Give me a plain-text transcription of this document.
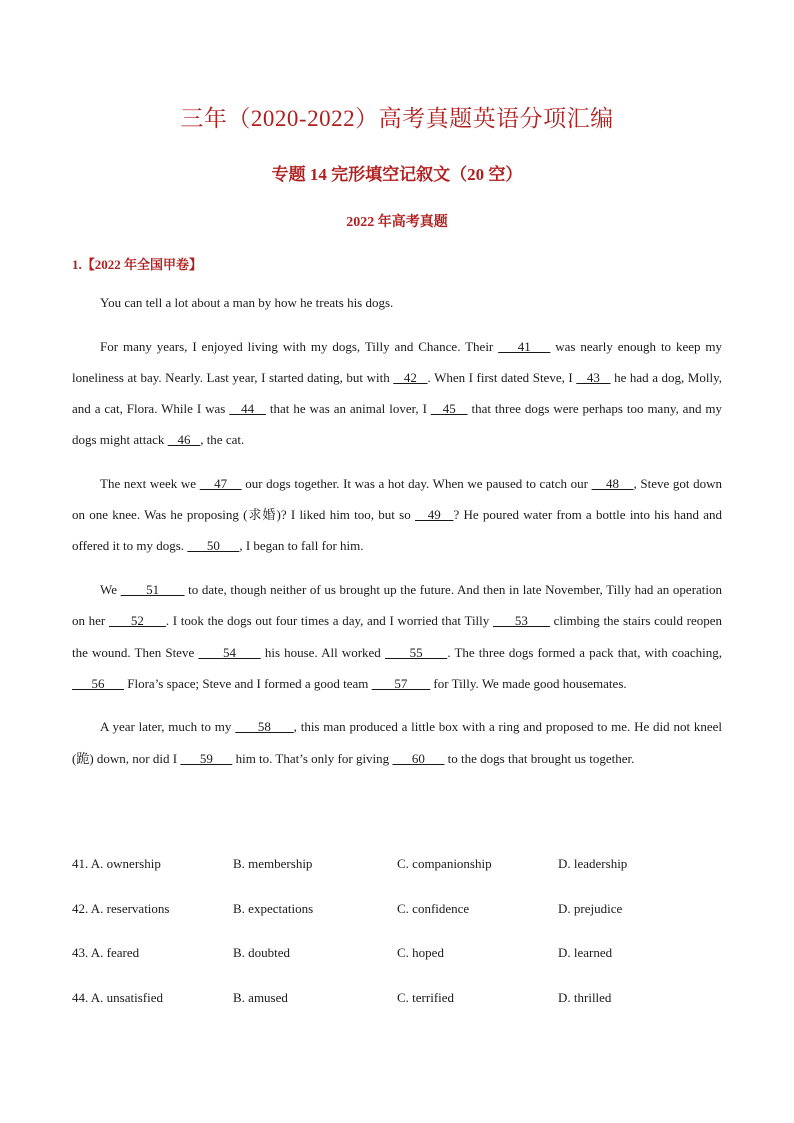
三年（2020-2022）高考真题英语分项汇编
专题 14 完形填空记叙文（20 空）
2022 年高考真题
1.【2022 年全国甲卷】

You can tell a lot about a man by how he treats his dogs.

For many years, I enjoyed living with my dogs, Tilly and Chance. Their     41     was nearly enough to keep my loneliness at bay. Nearly. Last year, I started dating, but with    42   . When I first dated Steve, I    43    he had a dog, Molly, and a cat, Flora. While I was    44    that he was an animal lover, I    45    that three dogs were perhaps too many, and my dogs might attack    46   , the cat.

The next week we     47     our dogs together. It was a hot day. When we paused to catch our     48    , Steve got down on one knee. Was he proposing (求婚)? I liked him too, but so    49   ? He poured water from a bottle into his hand and offered it to my dogs.       50      , I began to fall for him.

We        51        to date, though neither of us brought up the future. And then in late November, Tilly had an operation on her       52      . I took the dogs out four times a day, and I worried that Tilly       53       climbing the stairs could reopen the wound. Then Steve       54       his house. All worked       55      . The three dogs formed a pack that, with coaching,       56       Flora’s space; Steve and I formed a good team        57        for Tilly. We made good housemates.

A year later, much to my       58      , this man produced a little box with a ring and proposed to me. He did not kneel (跪) down, nor did I       59       him to. That’s only for giving       60       to the dogs that brought us together.

41. A. ownership	B. membership	C. companionship	D. leadership
42. A. reservations	B. expectations	C. confidence	D. prejudice
43. A. feared	B. doubted	C. hoped	D. learned
44. A. unsatisfied	B. amused	C. terrified	D. thrilled
